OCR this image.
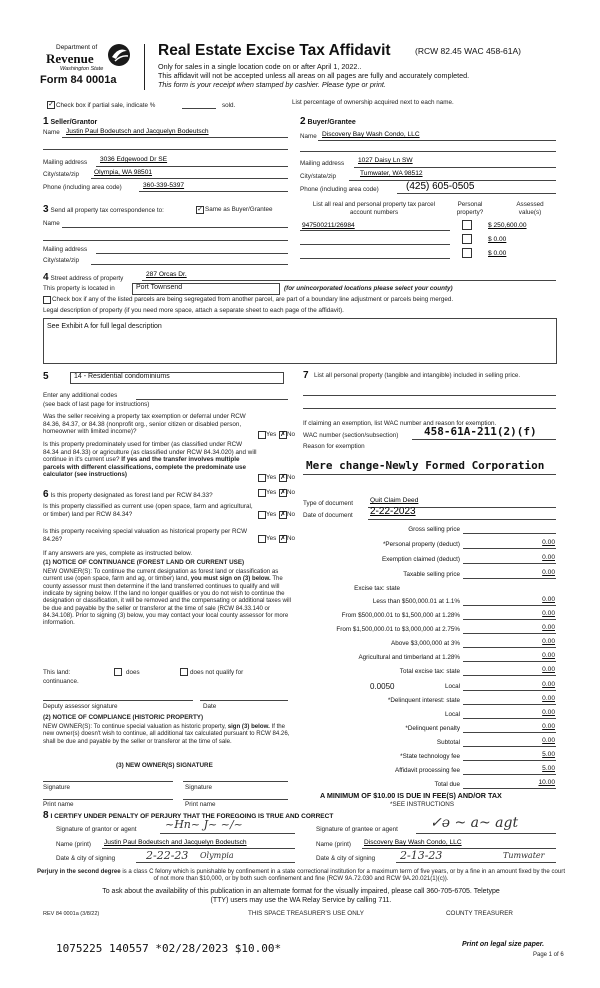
Department of
Revenue
Washington State
Form 84 0001a
Real Estate Excise Tax Affidavit	(RCW 82.45 WAC 458-61A)
Only for sales in a single location code on or after April 1, 2022..
This affidavit will not be accepted unless all areas on all pages are fully and accurately completed.
This form is your receipt when stamped by cashier. Please type or print.
✓ Check box if partial sale, indicate %	sold.	List percentage of ownership acquired next to each name.
1 Seller/Grantor
Name Justin Paul Bodeutsch and Jacquelyn Bodeutsch
Mailing address 3036 Edgewood Dr SE
City/state/zip Olympia, WA 98501
Phone (including area code)	360-339-5397
2 Buyer/Grantee
Name Discovery Bay Wash Condo, LLC
Mailing address 1027 Daisy Ln SW
City/state/zip	Tumwater, WA 98512
Phone (including area code)	(425) 605-0505
3 Send all property tax correspondence to:	✓ Same as Buyer/Grantee
Name
Mailing address
City/state/zip
List all real and personal property tax parcel account numbers
Personal property?
Assessed value(s)
947500211/26984	$ 250,600.00
$ 0.00
$ 0.00
4 Street address of property
287 Orcas Dr.
This property is located in	Port Townsend	(for unincorporated locations please select your county)
Check box if any of the listed parcels are being segregated from another parcel, are part of a boundary line adjustment or parcels being merged.
Legal description of property (if you need more space, attach a separate sheet to each page of the affidavit).
See Exhibit A for full legal description
5	14 - Residential condominiums
Enter any additional codes
(see back of last page for instructions)
Was the seller receiving a property tax exemption or deferral under RCW 84.36, 84.37, or 84.38 (nonprofit org., senior citizen or disabled person, homeowner with limited income)?	Yes ✗ No
Is this property predominately used for timber (as classified under RCW 84.34 and 84.33) or agriculture (as classified under RCW 84.34.020) and will continue in it's current use? If yes and the transfer involves multiple parcels with different classifications, complete the predominate use calculator (see instructions)	Yes ✗ No
6 Is this property designated as forest land per RCW 84.33?	Yes ✗ No
Is this property classified as current use (open space, farm and agricultural, or timber) land per RCW 84.34?	Yes ✗ No
Is this property receiving special valuation as historical property per RCW 84.26?	Yes ✗ No
If any answers are yes, complete as instructed below.
(1) NOTICE OF CONTINUANCE (FOREST LAND OR CURRENT USE)
NEW OWNER(S): To continue the current designation as forest land or classification as current use (open space, farm and ag, or timber) land, you must sign on (3) below. The county assessor must then determine if the land transferred continues to qualify and will indicate by signing below. If the land no longer qualifies or you do not wish to continue the designation or classification, it will be removed and the compensating or additional taxes will be due and payable by the seller or transferor at the time of sale (RCW 84.33.140 or 84.34.108). Prior to signing (3) below, you may contact your local county assessor for more information.
This land:	does	does not qualify for
continuance.
Deputy assessor signature	Date
(2) NOTICE OF COMPLIANCE (HISTORIC PROPERTY)
NEW OWNER(S): To continue special valuation as historic property, sign (3) below. If the new owner(s) doesn't wish to continue, all additional tax calculated pursuant to RCW 84.26, shall be due and payable by the seller or transferor at the time of sale.
(3) NEW OWNER(S) SIGNATURE
Signature	Signature
Print name	Print name
7 List all personal property (tangible and intangible) included in selling price.
If claiming an exemption, list WAC number and reason for exemption.
WAC number (section/subsection) 458-61A-211(2)(f)
Reason for exemption
Mere change-Newly Formed Corporation
Type of document	Quit Claim Deed
Date of document 2-22-2023
Gross selling price
*Personal property (deduct)	0.00
Exemption claimed (deduct)	0.00
Taxable selling price	0.00
Excise tax: state
Less than $500,000.01 at 1.1%	0.00
From $500,000.01 to $1,500,000 at 1.28%	0.00
From $1,500,000.01 to $3,000,000 at 2.75%	0.00
Above $3,000,000 at 3%	0.00
Agricultural and timberland at 1.28%	0.00
Total excise tax: state	0.00
0.0050	Local	0.00
*Delinquent interest: state	0.00
Local	0.00
*Delinquent penalty	0.00
Subtotal	0.00
*State technology fee	5.00
Affidavit processing fee	5.00
Total due	10.00
A MINIMUM OF $10.00 IS DUE IN FEE(S) AND/OR TAX
*SEE INSTRUCTIONS
8 I CERTIFY UNDER PENALTY OF PERJURY THAT THE FOREGOING IS TRUE AND CORRECT
Signature of grantor or agent	~Hn~ J~ ~/~
Name (print) Justin Paul Bodeutsch and Jacquelyn Bodeutsch
Date & city of signing	2-22-23 Olympia
Signature of grantee or agent ✓ǝ ~ a~ agt
Name (print) Discovery Bay Wash Condo, LLC
Date & city of signing 2-13-23	Tumwater
Perjury in the second degree is a class C felony which is punishable by confinement in a state correctional institution for a maximum term of five years, or by a fine in an amount fixed by the court of not more than $10,000, or by both such confinement and fine (RCW 9A.72.030 and RCW 9A.20.021(1)(c)).
To ask about the availability of this publication in an alternate format for the visually impaired, please call 360-705-6705. Teletype
(TTY) users may use the WA Relay Service by calling 711.
REV 84 0001a (3/8/22)	THIS SPACE TREASURER'S USE ONLY	COUNTY TREASURER
1075225 140557 *02/28/2023 $10.00*	Print on legal size paper.
Page 1 of 6
